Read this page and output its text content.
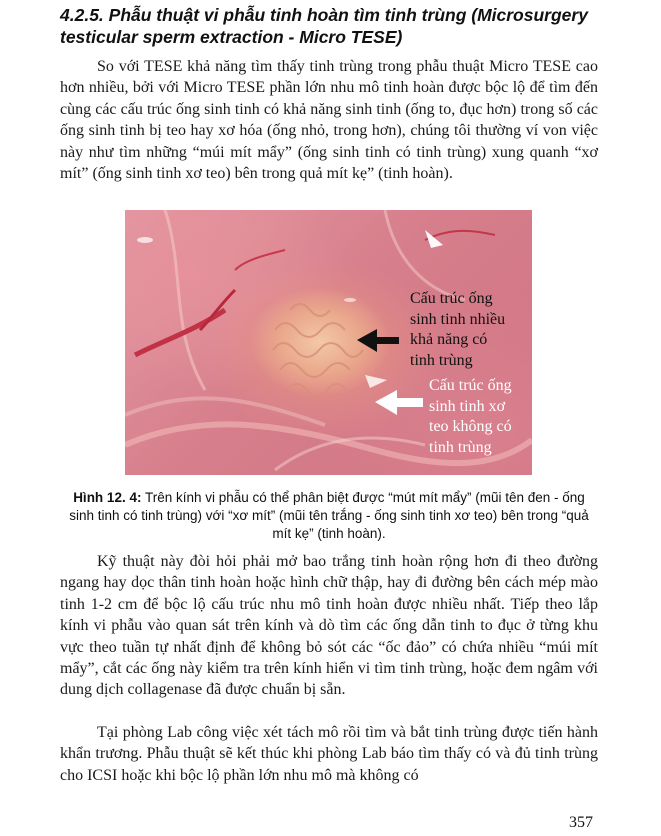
4.2.5. Phẫu thuật vi phẫu tinh hoàn tìm tinh trùng (Microsurgery testicular sperm extraction - Micro TESE)
So với TESE khả năng tìm thấy tinh trùng trong phẫu thuật Micro TESE cao hơn nhiều, bởi với Micro TESE phần lớn nhu mô tinh hoàn được bộc lộ để tìm đến cùng các cấu trúc ống sinh tinh có khả năng sinh tinh (ống to, đục hơn) trong số các ống sinh tinh bị teo hay xơ hóa (ống nhỏ, trong hơn), chúng tôi thường ví von việc này như tìm những “múi mít mẩy” (ống sinh tinh có tinh trùng) xung quanh “xơ mít” (ống sinh tinh xơ teo) bên trong quả mít kẹ” (tinh hoàn).
Cấu trúc ống
sinh tinh nhiều
khả năng có
tinh trùng
Cấu trúc ống
sinh tinh xơ
teo không có
tinh trùng
Hình 12. 4: Trên kính vi phẫu có thể phân biệt được “mút mít mẩy” (mũi tên đen - ống sinh tinh có tinh trùng) với “xơ mít” (mũi tên trắng - ống sinh tinh xơ teo) bên trong “quả mít kẹ” (tinh hoàn).
Kỹ thuật này đòi hỏi phải mở bao trắng tinh hoàn rộng hơn đi theo đường ngang hay dọc thân tinh hoàn hoặc hình chữ thập, hay đi đường bên cách mép mào tinh 1-2 cm để bộc lộ cấu trúc nhu mô tinh hoàn được nhiều nhất. Tiếp theo lắp kính vi phẫu vào quan sát trên kính và dò tìm các ống dẫn tinh to đục ở từng khu vực theo tuần tự nhất định để không bỏ sót các “ốc đảo” có chứa nhiều “múi mít mẩy”, cắt các ống này kiểm tra trên kính hiển vi tìm tinh trùng, hoặc đem ngâm với dung dịch collagenase đã được chuẩn bị sẵn.
Tại phòng Lab công việc xét tách mô rồi tìm và bắt tinh trùng được tiến hành khẩn trương. Phẫu thuật sẽ kết thúc khi phòng Lab báo tìm thấy có và đủ tinh trùng cho ICSI hoặc khi bộc lộ phần lớn nhu mô mà không có
357
